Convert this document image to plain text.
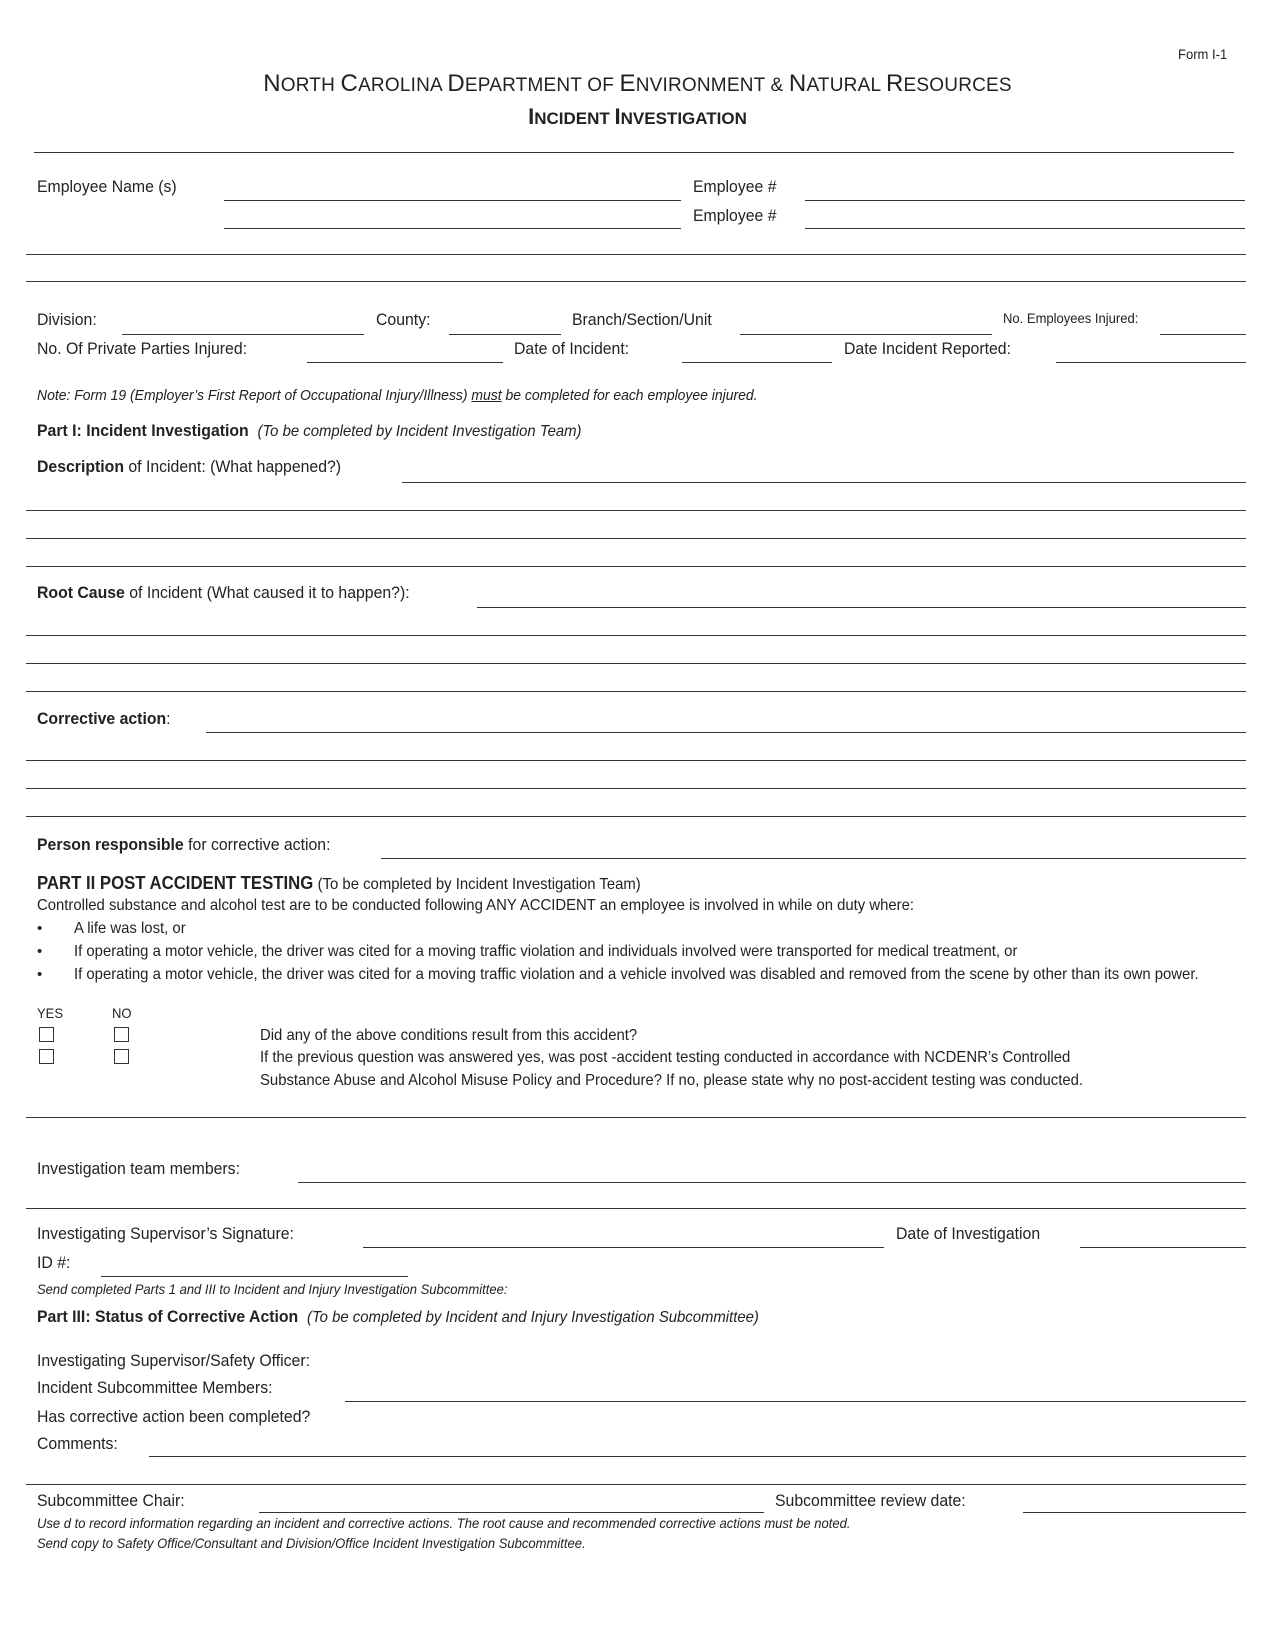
Form I-1
NORTH CAROLINA DEPARTMENT OF ENVIRONMENT & NATURAL RESOURCES
INCIDENT INVESTIGATION
Employee Name (s)	Employee #
Employee #
Division:	County:	Branch/Section/Unit	No. Employees Injured:
No. Of Private Parties Injured:	Date of Incident:	Date Incident Reported:
Note: Form 19 (Employer’s First Report of Occupational Injury/Illness) must be completed for each employee injured.
Part I: Incident Investigation (To be completed by Incident Investigation Team)
Description of Incident: (What happened?)
Root Cause of Incident (What caused it to happen?):
Corrective action:
Person responsible for corrective action:
PART II POST ACCIDENT TESTING (To be completed by Incident Investigation Team)
Controlled substance and alcohol test are to be conducted following ANY ACCIDENT an employee is involved in while on duty where:
• A life was lost, or
• If operating a motor vehicle, the driver was cited for a moving traffic violation and individuals involved were transported for medical treatment, or
• If operating a motor vehicle, the driver was cited for a moving traffic violation and a vehicle involved was disabled and removed from the scene by other than its own power.
YES	NO
Did any of the above conditions result from this accident?
If the previous question was answered yes, was post -accident testing conducted in accordance with NCDENR’s Controlled
Substance Abuse and Alcohol Misuse Policy and Procedure? If no, please state why no post-accident testing was conducted.
Investigation team members:
Investigating Supervisor’s Signature:	Date of Investigation
ID #:
Send completed Parts 1 and III to Incident and Injury Investigation Subcommittee:
Part III: Status of Corrective Action (To be completed by Incident and Injury Investigation Subcommittee)
Investigating Supervisor/Safety Officer:
Incident Subcommittee Members:
Has corrective action been completed?
Comments:
Subcommittee Chair:	Subcommittee review date:
Use d to record information regarding an incident and corrective actions. The root cause and recommended corrective actions must be noted.
Send copy to Safety Office/Consultant and Division/Office Incident Investigation Subcommittee.
